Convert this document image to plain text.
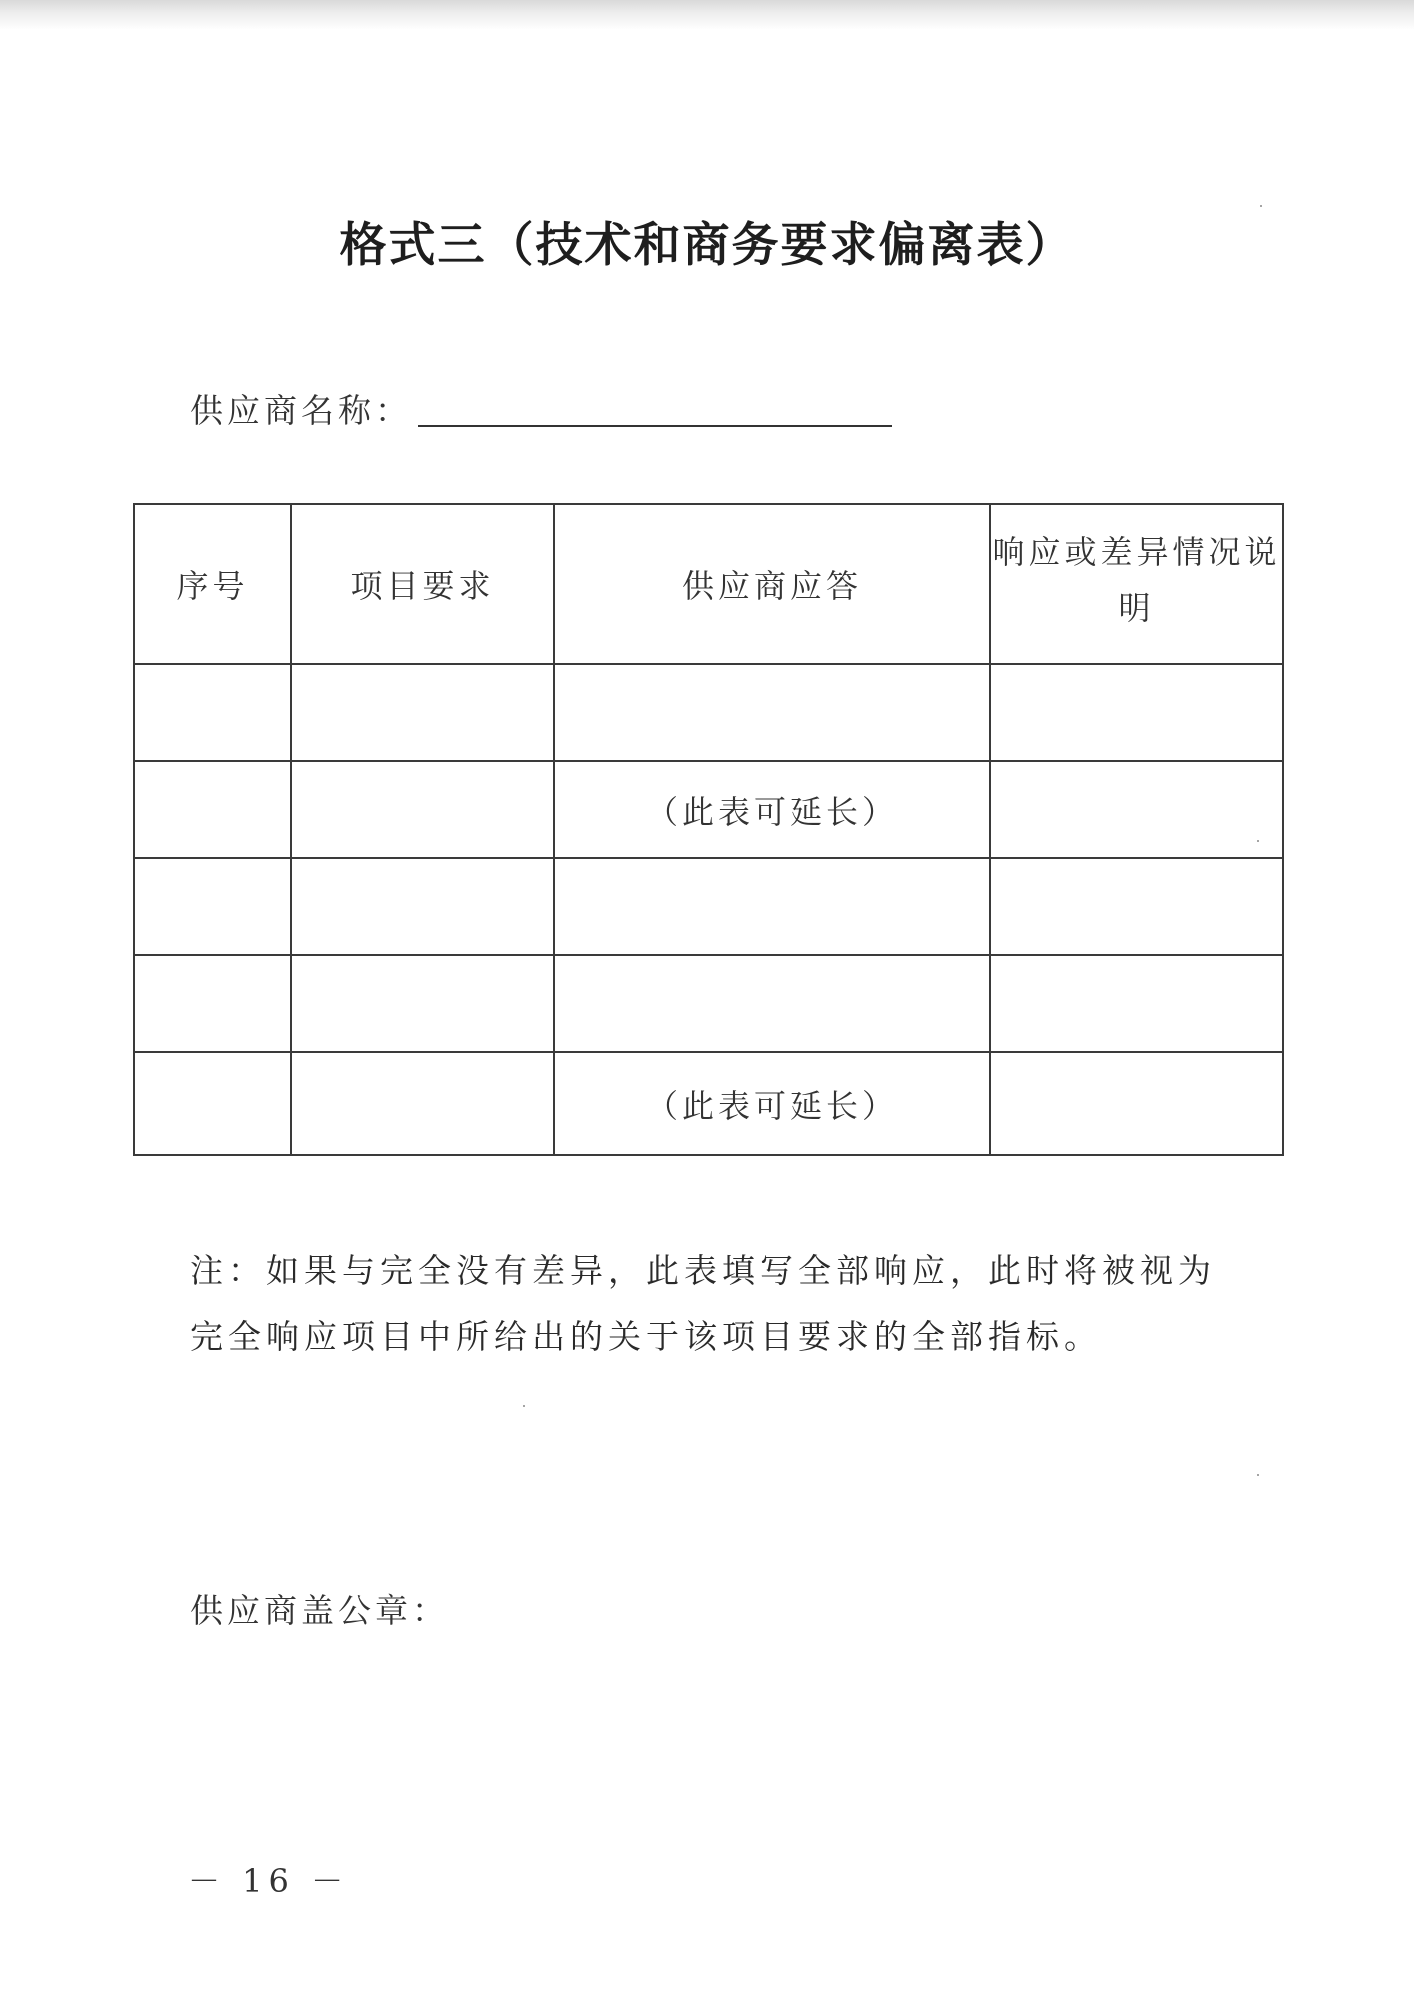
格式三（技术和商务要求偏离表）
供应商名称：
序号	项目要求	供应商应答	响应或差异情况说明

		（此表可延长）	

		（此表可延长）	
注：如果与完全没有差异，此表填写全部响应，此时将被视为完全响应项目中所给出的关于该项目要求的全部指标。
供应商盖公章：
－ 16 －
